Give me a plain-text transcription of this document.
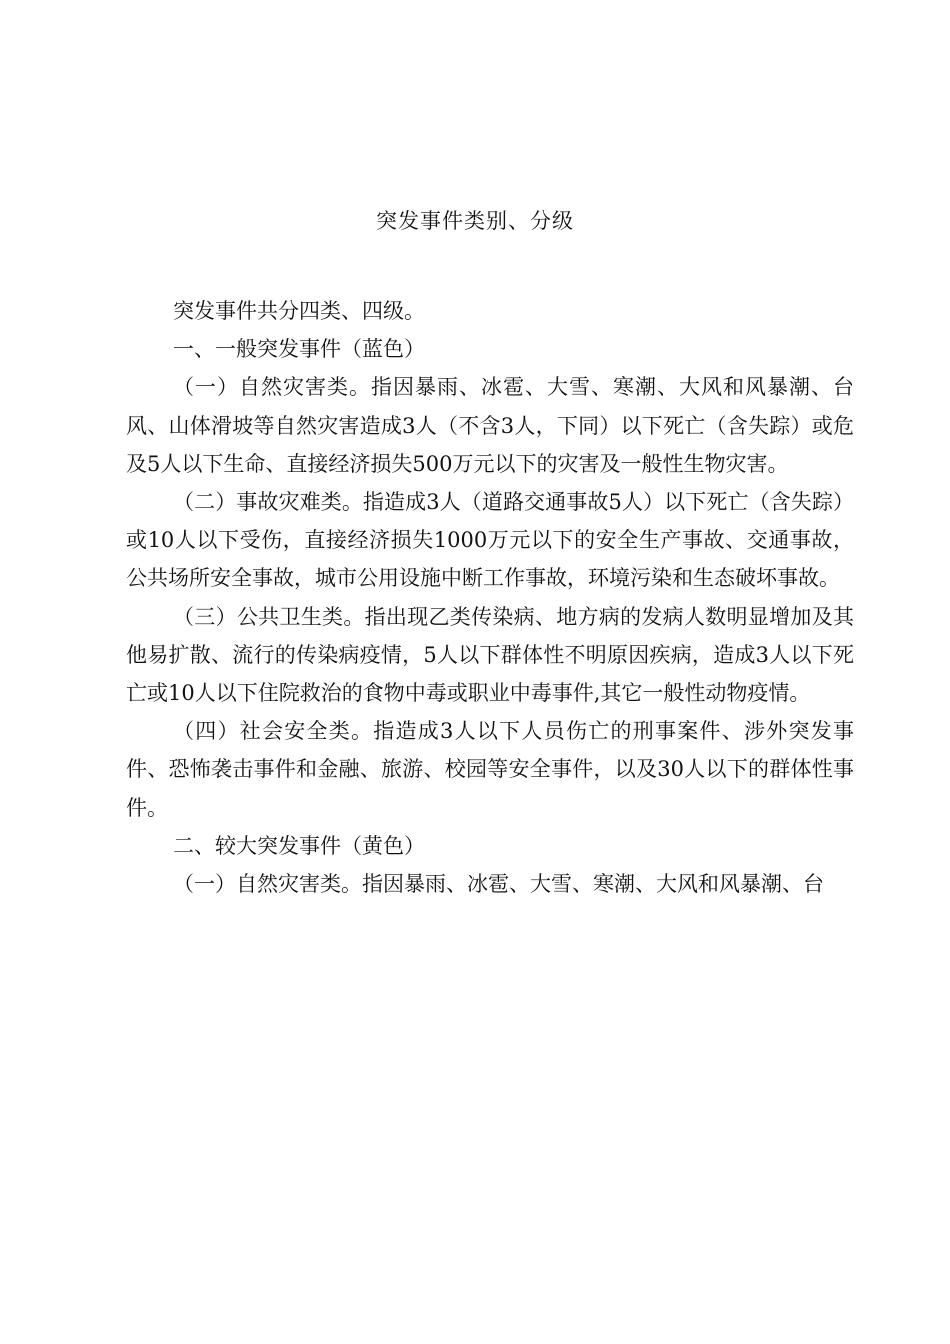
突发事件类别、分级

突发事件共分四类、四级。

一、一般突发事件（蓝色）

（一）自然灾害类。指因暴雨、冰雹、大雪、寒潮、大风和风暴潮、台风、山体滑坡等自然灾害造成3人（不含3人，下同）以下死亡（含失踪）或危及5人以下生命、直接经济损失500万元以下的灾害及一般性生物灾害。

（二）事故灾难类。指造成3人（道路交通事故5人）以下死亡（含失踪）或10人以下受伤，直接经济损失1000万元以下的安全生产事故、交通事故，公共场所安全事故，城市公用设施中断工作事故，环境污染和生态破坏事故。

（三）公共卫生类。指出现乙类传染病、地方病的发病人数明显增加及其他易扩散、流行的传染病疫情，5人以下群体性不明原因疾病，造成3人以下死亡或10人以下住院救治的食物中毒或职业中毒事件,其它一般性动物疫情。

（四）社会安全类。指造成3人以下人员伤亡的刑事案件、涉外突发事件、恐怖袭击事件和金融、旅游、校园等安全事件，以及30人以下的群体性事件。

二、较大突发事件（黄色）

（一）自然灾害类。指因暴雨、冰雹、大雪、寒潮、大风和风暴潮、台
